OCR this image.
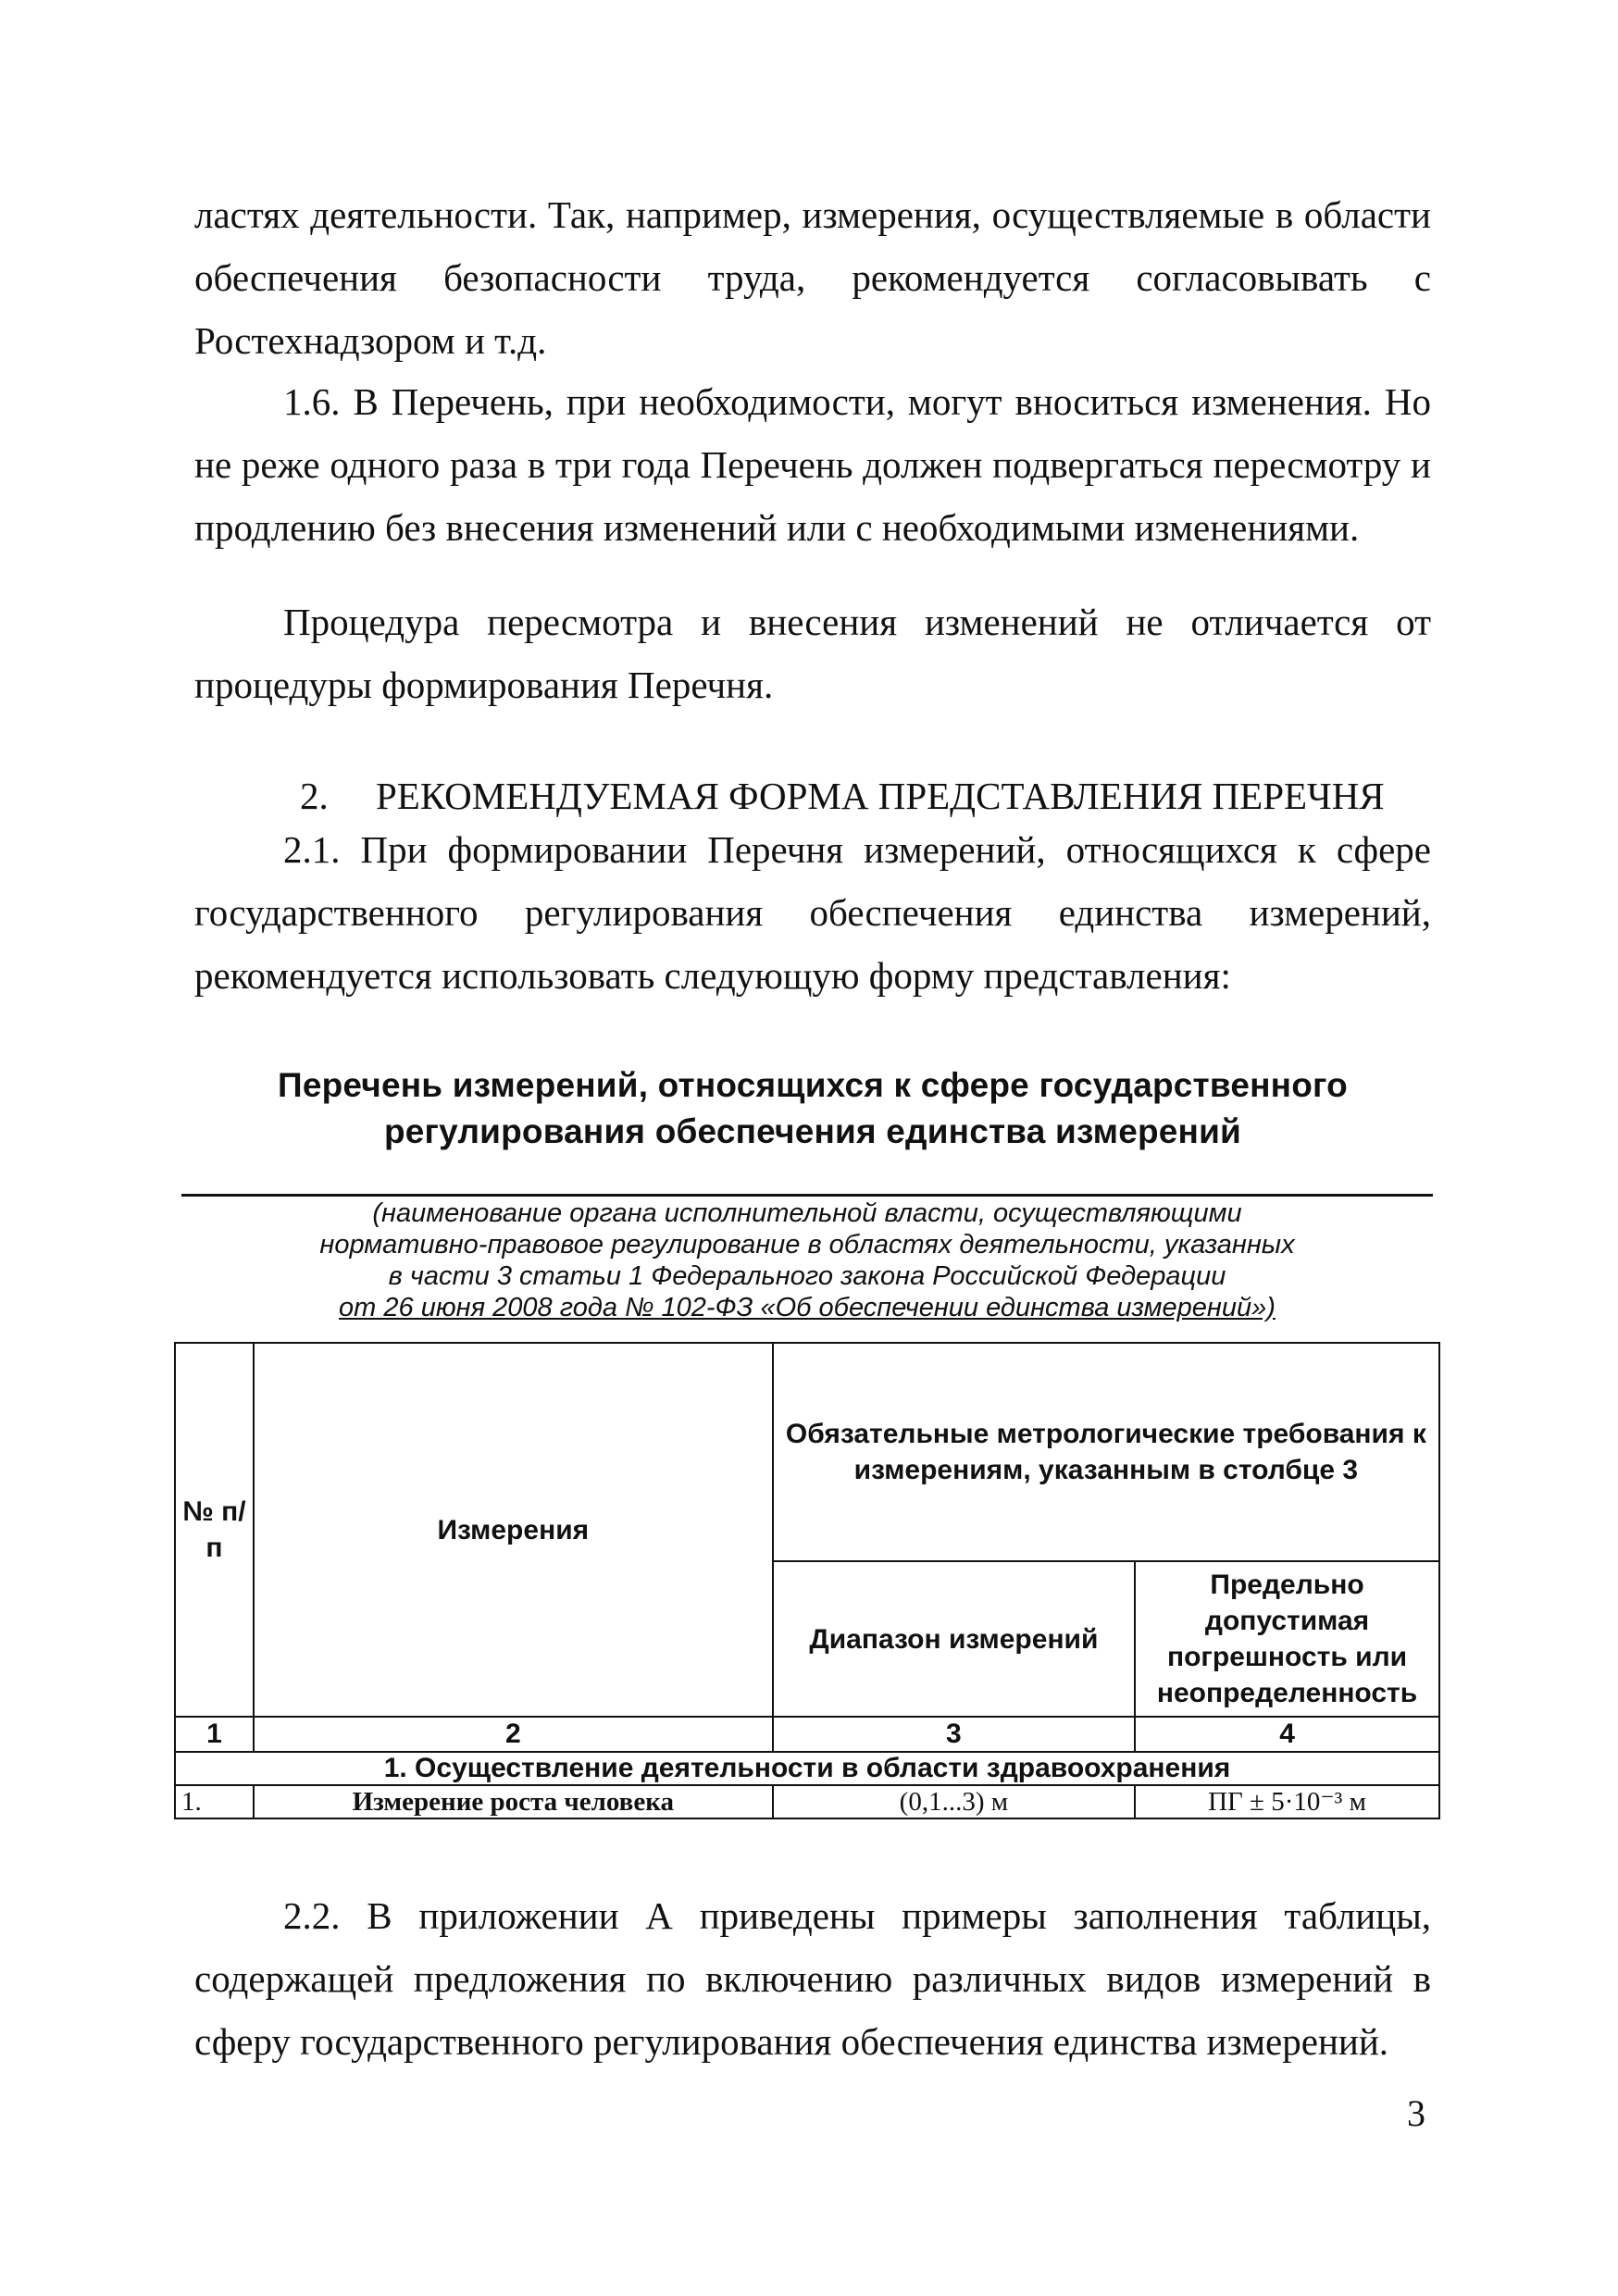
ластях деятельности. Так, например, измерения, осуществляемые в области обеспечения безопасности труда, рекомендуется согласовывать с Ростехнадзором и т.д.

1.6. В Перечень, при необходимости, могут вноситься изменения. Но не реже одного раза в три года Перечень должен подвергаться пересмотру и продлению без внесения изменений или с необходимыми изменениями.

Процедура пересмотра и внесения изменений не отличается от процедуры формирования Перечня.

2. РЕКОМЕНДУЕМАЯ ФОРМА ПРЕДСТАВЛЕНИЯ ПЕРЕЧНЯ

2.1. При формировании Перечня измерений, относящихся к сфере государственного регулирования обеспечения единства измерений, рекомендуется использовать следующую форму представления:

Перечень измерений, относящихся к сфере государственного
регулирования обеспечения единства измерений
(наименование органа исполнительной власти, осуществляющими
нормативно-правовое регулирование в областях деятельности, указанных
в части 3 статьи 1 Федерального закона Российской Федерации
от 26 июня 2008 года № 102-ФЗ «Об обеспечении единства измерений»)
№ п/п	Измерения	Обязательные метрологические требования к измерениям, указанным в столбце 3	
		Диапазон измерений	Предельно допустимая погрешность или неопределенность
1	2	3	4
1. Осуществление деятельности в области здравоохранения			
1.	Измерение роста человека	(0,1...3) м	ПГ ± 5·10⁻³ м

2.2. В приложении А приведены примеры заполнения таблицы, содержащей предложения по включению различных видов измерений в сферу государственного регулирования обеспечения единства измерений.

3
